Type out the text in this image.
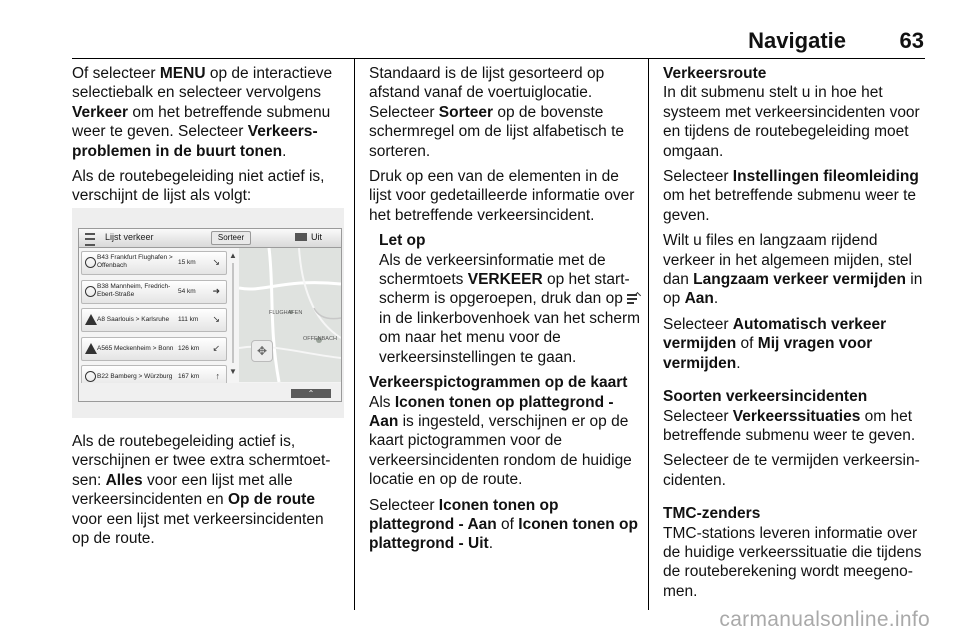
Navigatie 63

Of selecteer MENU op de interactieve selectiebalk en selecteer vervolgens Verkeer om het betreffende submenu weer te geven. Selecteer Verkeersproblemen in de buurt tonen.

Als de routebegeleiding niet actief is, verschijnt de lijst als volgt:

Als de routebegeleiding actief is, verschijnen er twee extra schermtoetsen: Alles voor een lijst met alle verkeersincidenten en Op de route voor een lijst met verkeersincidenten op de route.

Lijst verkeer	Sorteer	Uit
B43 Frankfurt Flughafen > Offenbach	15 km ↘
B38 Mannheim, Fredrich-Ebert-Straße	54 km ➜
A8 Saarlouis > Karlsruhe	111 km ↘
A565 Meckenheim > Bonn 126 km ↙
B22 Bamberg > Würzburg 167 km ↑
▲
▼
FLUGHAFEN
OFFENBACH
✥
⌃

Standaard is de lijst gesorteerd op afstand vanaf de voertuiglocatie.
Selecteer Sorteer op de bovenste schermregel om de lijst alfabetisch te sorteren.

Druk op een van de elementen in de lijst voor gedetailleerde informatie over het betreffende verkeersincident.

Let op
Als de verkeersinformatie met de schermtoets VERKEER op het startscherm is opgeroepen, druk dan op
in de linkerbovenhoek van het scherm om naar het menu voor de verkeersinstellingen te gaan.

Verkeerspictogrammen op de kaart
Als Iconen tonen op plattegrond - Aan is ingesteld, verschijnen er op de kaart pictogrammen voor de verkeersincidenten rondom de huidige locatie en op de route.

Selecteer Iconen tonen op plattegrond - Aan of Iconen tonen op plattegrond - Uit.

Verkeersroute
In dit submenu stelt u in hoe het systeem met verkeersincidenten voor en tijdens de routebegeleiding moet omgaan.

Selecteer Instellingen fileomleiding om het betreffende submenu weer te geven.

Wilt u files en langzaam rijdend verkeer in het algemeen mijden, stel dan Langzaam verkeer vermijden in op Aan.

Selecteer Automatisch verkeer vermijden of Mij vragen voor vermijden.

Soorten verkeersincidenten
Selecteer Verkeerssituaties om het betreffende submenu weer te geven.

Selecteer de te vermijden verkeersincidenten.

TMC-zenders
TMC-stations leveren informatie over de huidige verkeerssituatie die tijdens de routeberekening wordt meegenomen.

carmanualsonline.info
